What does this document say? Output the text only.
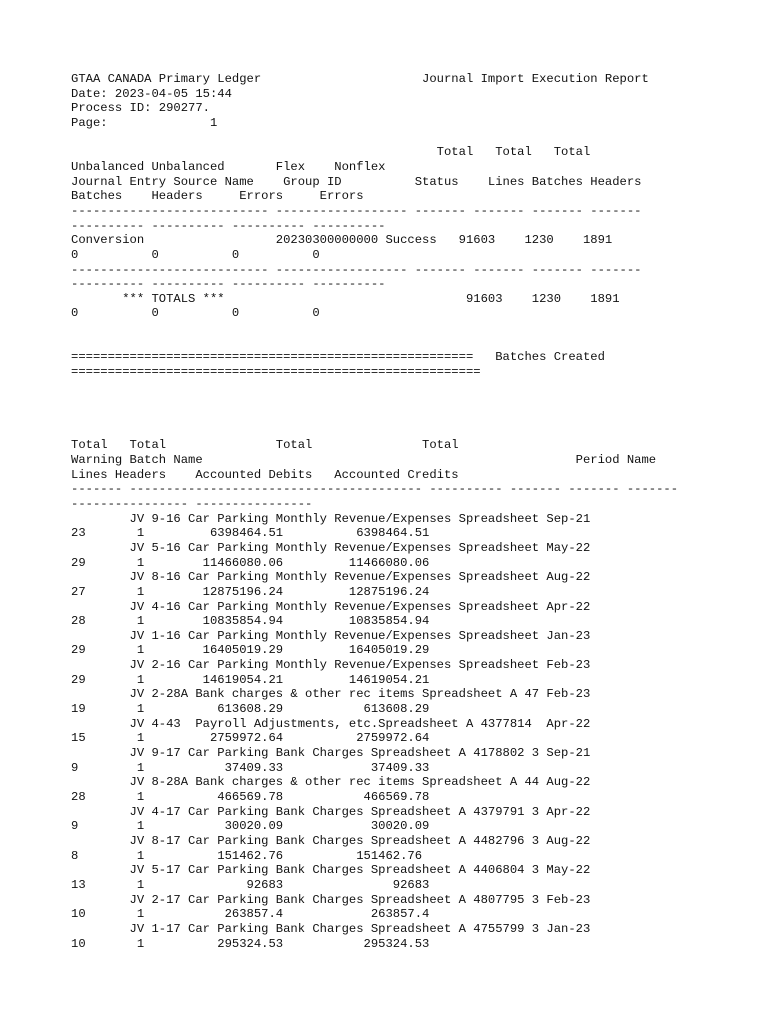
GTAA CANADA Primary Ledger                      Journal Import Execution Report
Date: 2023-04-05 15:44
Process ID: 290277.
Page:              1
Total   Total   Total
Unbalanced Unbalanced       Flex    Nonflex
Journal Entry Source Name    Group ID          Status    Lines Batches Headers
Batches    Headers     Errors     Errors
--------------------------- ------------------ ------- ------- ------- -------
---------- ---------- ---------- ----------
Conversion                  20230300000000 Success   91603    1230    1891
0          0          0          0
--------------------------- ------------------ ------- ------- ------- -------
---------- ---------- ---------- ----------
*** TOTALS ***                                 91603    1230    1891
0          0          0          0
=======================================================   Batches Created
========================================================
Total   Total               Total               Total
Warning Batch Name                                                   Period Name
Lines Headers    Accounted Debits   Accounted Credits
------- ---------------------------------------- ---------- ------- ------- -------
---------------- ----------------
JV 9-16 Car Parking Monthly Revenue/Expenses Spreadsheet Sep-21
23       1         6398464.51          6398464.51
JV 5-16 Car Parking Monthly Revenue/Expenses Spreadsheet May-22
29       1        11466080.06         11466080.06
JV 8-16 Car Parking Monthly Revenue/Expenses Spreadsheet Aug-22
27       1        12875196.24         12875196.24
JV 4-16 Car Parking Monthly Revenue/Expenses Spreadsheet Apr-22
28       1        10835854.94         10835854.94
JV 1-16 Car Parking Monthly Revenue/Expenses Spreadsheet Jan-23
29       1        16405019.29         16405019.29
JV 2-16 Car Parking Monthly Revenue/Expenses Spreadsheet Feb-23
29       1        14619054.21         14619054.21
JV 2-28A Bank charges & other rec items Spreadsheet A 47 Feb-23
19       1          613608.29           613608.29
JV 4-43  Payroll Adjustments, etc.Spreadsheet A 4377814  Apr-22
15       1         2759972.64          2759972.64
JV 9-17 Car Parking Bank Charges Spreadsheet A 4178802 3 Sep-21
9        1           37409.33            37409.33
JV 8-28A Bank charges & other rec items Spreadsheet A 44 Aug-22
28       1          466569.78           466569.78
JV 4-17 Car Parking Bank Charges Spreadsheet A 4379791 3 Apr-22
9        1           30020.09            30020.09
JV 8-17 Car Parking Bank Charges Spreadsheet A 4482796 3 Aug-22
8        1          151462.76          151462.76
JV 5-17 Car Parking Bank Charges Spreadsheet A 4406804 3 May-22
13       1              92683               92683
JV 2-17 Car Parking Bank Charges Spreadsheet A 4807795 3 Feb-23
10       1           263857.4            263857.4
JV 1-17 Car Parking Bank Charges Spreadsheet A 4755799 3 Jan-23
10       1          295324.53           295324.53
